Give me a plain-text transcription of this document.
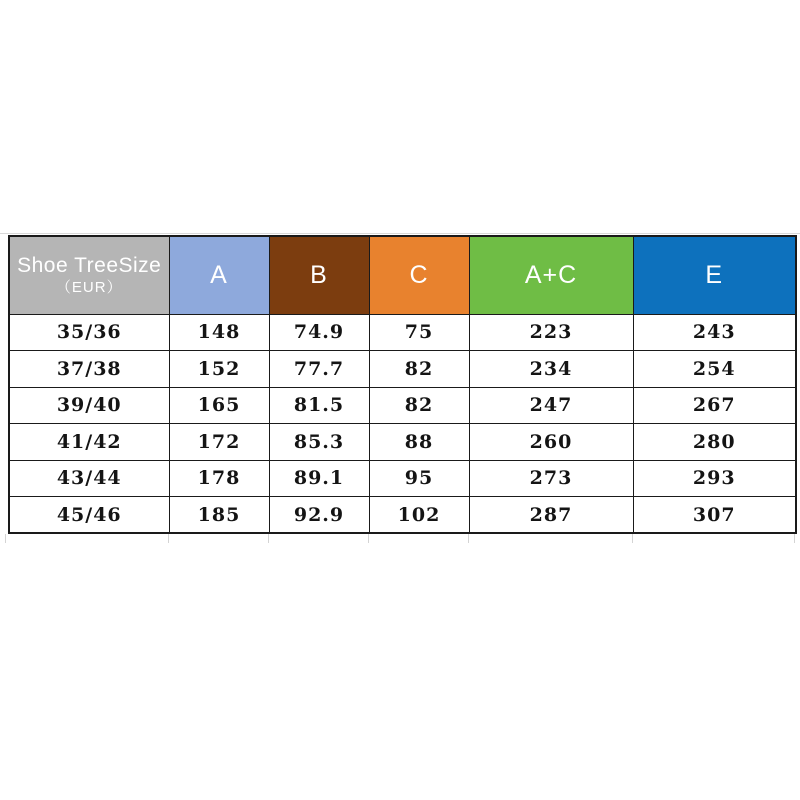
Shoe TreeSize
（EUR）	A	B	C	A+C	E
35/36	148	74.9	75	223	243
37/38	152	77.7	82	234	254
39/40	165	81.5	82	247	267
41/42	172	85.3	88	260	280
43/44	178	89.1	95	273	293
45/46	185	92.9	102	287	307
